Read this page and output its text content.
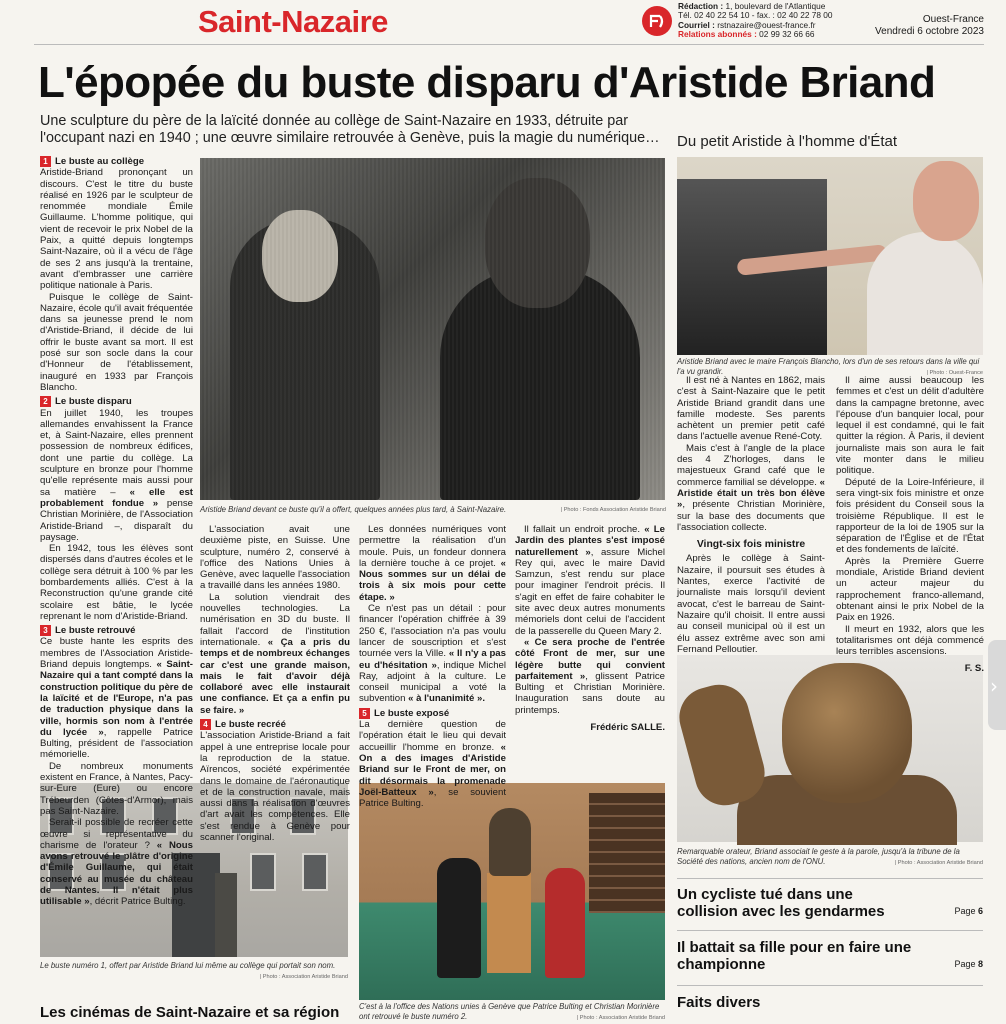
Saint-Nazaire	Rédaction : 1, boulevard de l'Atlantique
Tél. 02 40 22 54 10 - fax. : 02 40 22 78 00
Courriel : rstnazaire@ouest-france.fr
Relations abonnés : 02 99 32 66 66
Ouest-France
Vendredi 6 octobre 2023
L'épopée du buste disparu d'Aristide Briand
Une sculpture du père de la laïcité donnée au collège de Saint-Nazaire en 1933, détruite par l'occupant nazi en 1940 ; une œuvre similaire retrouvée à Genève, puis la magie du numérique… Du petit Aristide à l'homme d'État
Aristide Briand devant ce buste qu'il a offert, quelques années plus tard, à Saint-Nazaire.	| Photo : Fonds Association Aristide Briand
Aristide Briand avec le maire François Blancho, lors d'un de ses retours dans la ville qui l'a vu grandir.	| Photo : Ouest-France
Remarquable orateur, Briand associait le geste à la parole, jusqu'à la tribune de la Société des nations, ancien nom de l'ONU.	| Photo : Association Aristide Briand
Le buste numéro 1, offert par Aristide Briand lui même au collège qui portait son nom.
| Photo : Association Aristide Briand
C'est à la l'office des Nations unies à Genève que Patrice Bulting et Christian Morinière ont retrouvé le buste numéro 2.	| Photo : Association Aristide Briand
1 Le buste au collège

Aristide-Briand prononçant un discours. C'est le titre du buste réalisé en 1926 par le sculpteur de renommée mondiale Émile Guillaume. L'homme politique, qui vient de recevoir le prix Nobel de la Paix, a quitté depuis longtemps Saint-Nazaire, où il a vécu de l'âge de ses 2 ans jusqu'à la trentaine, avant d'embrasser une carrière politique nationale à Paris.

Puisque le collège de Saint-Nazaire, école qu'il avait fréquentée dans sa jeunesse prend le nom d'Aristide-Briand, il décide de lui offrir le buste avant sa mort. Il est posé sur son socle dans la cour d'Honneur de l'établissement, inauguré en 1933 par François Blancho.

2 Le buste disparu

En juillet 1940, les troupes allemandes envahissent la France et, à Saint-Nazaire, elles prennent possession de nombreux édifices, dont une partie du collège. La sculpture en bronze pour l'homme qu'elle représente mais aussi pour sa matière – « elle est probablement fondue » pense Christian Morinière, de l'Association Aristide-Briand –, disparaît du paysage.

En 1942, tous les élèves sont dispersés dans d'autres écoles et le collège sera détruit à 100 % par les bombardements alliés. C'est à la Reconstruction qu'une grande cité scolaire est bâtie, le lycée reprenant le nom d'Aristide-Briand.

3 Le buste retrouvé

Ce buste hante les esprits des membres de l'Association Aristide-Briand depuis longtemps. « Saint-Nazaire qui a tant compté dans la construction politique du père de la laïcité et de l'Europe, n'a pas de traduction physique dans la ville, hormis son nom à l'entrée du lycée », rappelle Patrice Bulting, président de l'association mémorielle.

De nombreux monuments existent en France, à Nantes, Pacy-sur-Eure (Eure) ou encore Trébeurden (Côtes-d'Armor), mais pas Saint-Nazaire.

Serait-il possible de recréer cette œuvre si représentative du charisme de l'orateur ? « Nous avons retrouvé le plâtre d'origine d'Émile Guillaume, qui était conservé au musée du château de Nantes. Il n'était plus utilisable », décrit Patrice Bulting.

L'association avait une deuxième piste, en Suisse. Une sculpture, numéro 2, conservé à l'office des Nations Unies à Genève, avec laquelle l'association a travaillé dans les années 1980.

La solution viendrait des nouvelles technologies. La numérisation en 3D du buste. Il fallait l'accord de l'institution internationale. « Ça a pris du temps et de nombreux échanges car c'est une grande maison, mais le fait d'avoir déjà collaboré avec elle instaurait une confiance. Et ça a enfin pu se faire. »

4 Le buste recréé

L'association Aristide-Briand a fait appel à une entreprise locale pour la reproduction de la statue. Aïrencos, société expérimentée dans le domaine de l'aéronautique et de la construction navale, mais aussi dans la réalisation d'œuvres d'art avait les compétences. Elle s'est rendue à Genève pour scanner l'original.

Les données numériques vont permettre la réalisation d'un moule. Puis, un fondeur donnera la dernière touche à ce projet. « Nous sommes sur un délai de trois à six mois pour cette étape. »

Ce n'est pas un détail : pour financer l'opération chiffrée à 39 250 €, l'association n'a pas voulu lancer de souscription et s'est tournée vers la Ville. « Il n'y a pas eu d'hésitation », indique Michel Ray, adjoint à la culture. Le conseil municipal a voté la subvention « à l'unanimité ».

5 Le buste exposé

La dernière question de l'opération était le lieu qui devait accueillir l'homme en bronze. « On a des images d'Aristide Briand sur le Front de mer, on dit désormais la promenade Joël-Batteux », se souvient Patrice Bulting.

Il fallait un endroit proche. « Le Jardin des plantes s'est imposé naturellement », assure Michel Rey qui, avec le maire David Samzun, s'est rendu sur place pour imaginer l'endroit précis. Il s'agit en effet de faire cohabiter le site avec deux autres monuments mémoriels dont celui de l'accident de la passerelle du Queen Mary 2.

« Ce sera proche de l'entrée côté Front de mer, sur une légère butte qui convient parfaitement », glissent Patrice Bulting et Christian Morinière. Inauguration sans doute au printemps.

Frédéric SALLE.

Il est né à Nantes en 1862, mais c'est à Saint-Nazaire que le petit Aristide Briand grandit dans une famille modeste. Ses parents achètent un premier petit café dans l'actuelle avenue René-Coty.

Mais c'est à l'angle de la place des 4 Z'horloges, dans le majestueux Grand café que le commerce familial se développe. « Aristide était un très bon élève », présente Christian Morinière, sur la base des documents que l'association collecte.

Vingt-six fois ministre

Après le collège à Saint-Nazaire, il poursuit ses études à Nantes, exerce l'activité de journaliste mais lorsqu'il devient avocat, c'est le barreau de Saint-Nazaire qu'il choisit. Il entre aussi au conseil municipal où il est un élu assez extrême avec son ami Fernand Pelloutier.

Il aime aussi beaucoup les femmes et c'est un délit d'adultère dans la campagne bretonne, avec l'épouse d'un banquier local, pour lequel il est condamné, qui le fait quitter la région. À Paris, il devient journaliste mais son aura le fait vite monter dans le milieu politique.

Député de la Loire-Inférieure, il sera vingt-six fois ministre et onze fois président du Conseil sous la troisième République. Il est le rapporteur de la loi de 1905 sur la séparation de l'Église et de l'État et des fondements de laïcité.

Après la Première Guerre mondiale, Aristide Briand devient un acteur majeur du rapprochement franco-allemand, obtenant ainsi le prix Nobel de la Paix en 1926.

Il meurt en 1932, alors que les totalitarismes ont déjà commencé leurs terribles ascensions.

F. S.
Un cycliste tué dans une collision avec les gendarmes	Page 6
Il battait sa fille pour en faire une championne	Page 8
Faits divers
Les cinémas de Saint-Nazaire et sa région
›
